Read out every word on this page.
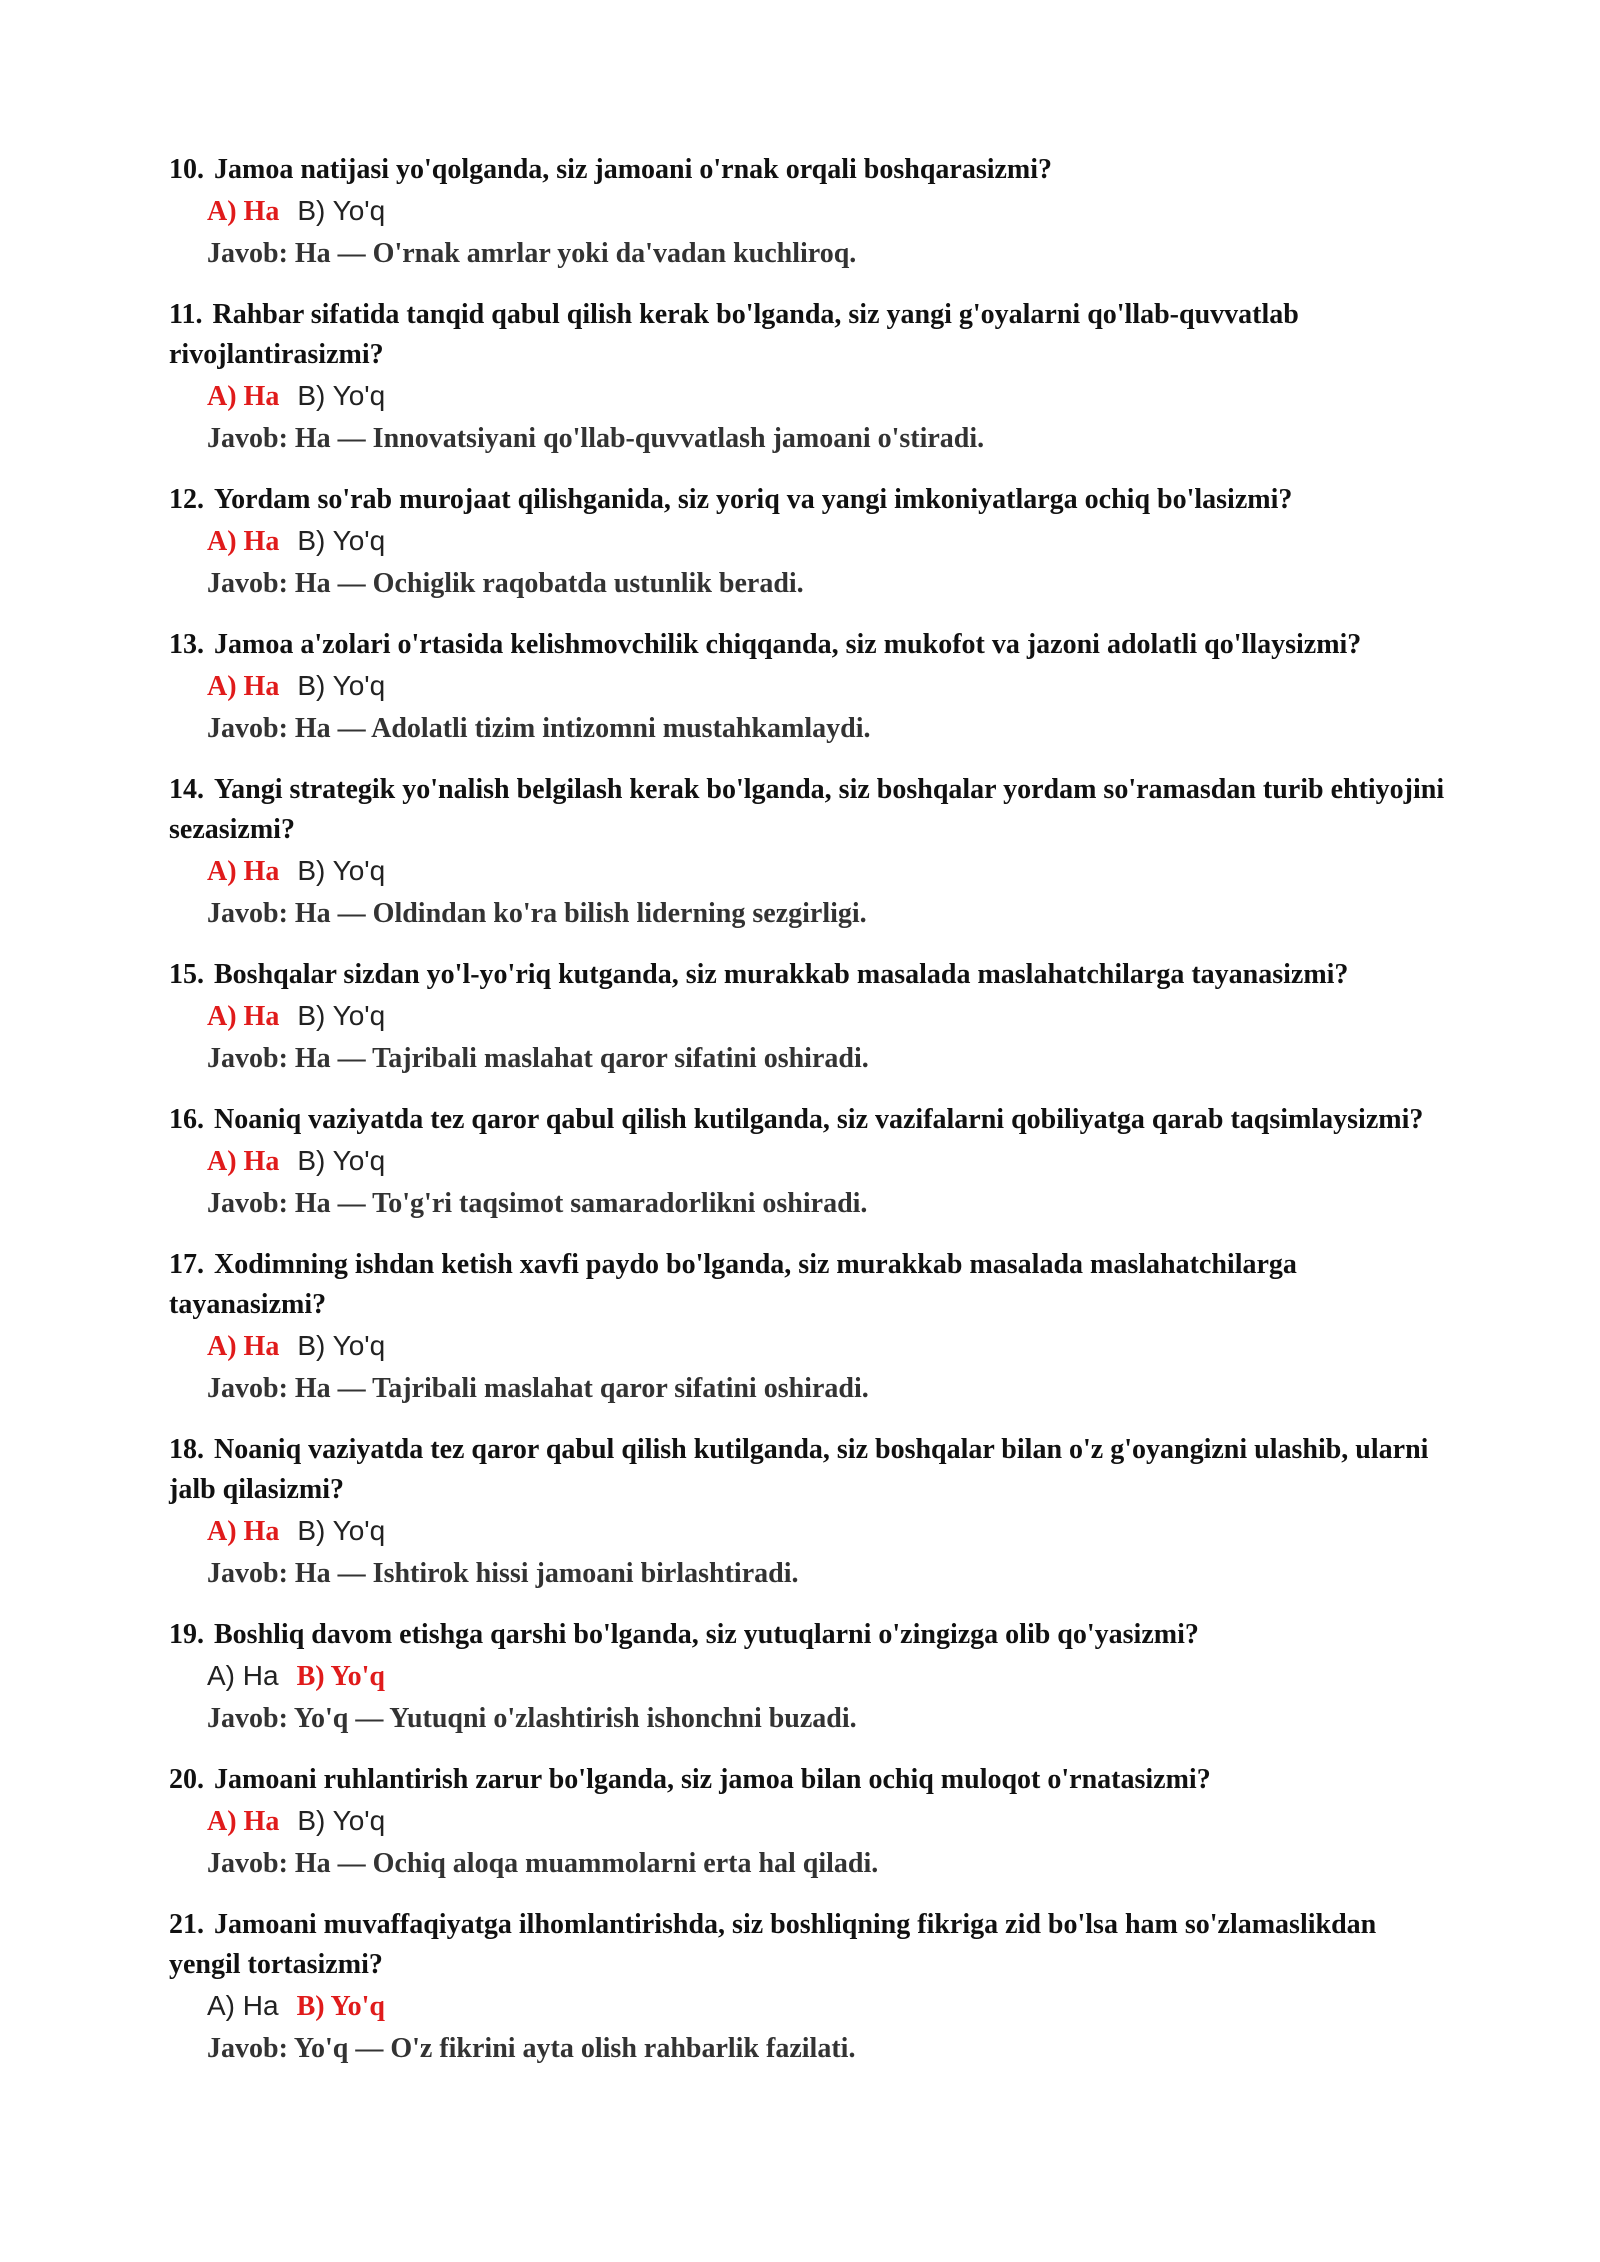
10. Jamoa natijasi yo'qolganda, siz jamoani o'rnak orqali boshqarasizmi?
A) Ha B) Yo'q
Javob: Ha — O'rnak amrlar yoki da'vadan kuchliroq.
11. Rahbar sifatida tanqid qabul qilish kerak bo'lganda, siz yangi g'oyalarni qo'llab-quvvatlab rivojlantirasizmi?
A) Ha B) Yo'q
Javob: Ha — Innovatsiyani qo'llab-quvvatlash jamoani o'stiradi.
12. Yordam so'rab murojaat qilishganida, siz yoriq va yangi imkoniyatlarga ochiq bo'lasizmi?
A) Ha B) Yo'q
Javob: Ha — Ochiglik raqobatda ustunlik beradi.
13. Jamoa a'zolari o'rtasida kelishmovchilik chiqqanda, siz mukofot va jazoni adolatli qo'llaysizmi?
A) Ha B) Yo'q
Javob: Ha — Adolatli tizim intizomni mustahkamlaydi.
14. Yangi strategik yo'nalish belgilash kerak bo'lganda, siz boshqalar yordam so'ramasdan turib ehtiyojini sezasizmi?
A) Ha B) Yo'q
Javob: Ha — Oldindan ko'ra bilish liderning sezgirligi.
15. Boshqalar sizdan yo'l-yo'riq kutganda, siz murakkab masalada maslahatchilarga tayanasizmi?
A) Ha B) Yo'q
Javob: Ha — Tajribali maslahat qaror sifatini oshiradi.
16. Noaniq vaziyatda tez qaror qabul qilish kutilganda, siz vazifalarni qobiliyatga qarab taqsimlaysizmi?
A) Ha B) Yo'q
Javob: Ha — To'g'ri taqsimot samaradorlikni oshiradi.
17. Xodimning ishdan ketish xavfi paydo bo'lganda, siz murakkab masalada maslahatchilarga tayanasizmi?
A) Ha B) Yo'q
Javob: Ha — Tajribali maslahat qaror sifatini oshiradi.
18. Noaniq vaziyatda tez qaror qabul qilish kutilganda, siz boshqalar bilan o'z g'oyangizni ulashib, ularni jalb qilasizmi?
A) Ha B) Yo'q
Javob: Ha — Ishtirok hissi jamoani birlashtiradi.
19. Boshliq davom etishga qarshi bo'lganda, siz yutuqlarni o'zingizga olib qo'yasizmi?
A) Ha B) Yo'q
Javob: Yo'q — Yutuqni o'zlashtirish ishonchni buzadi.
20. Jamoani ruhlantirish zarur bo'lganda, siz jamoa bilan ochiq muloqot o'rnatasizmi?
A) Ha B) Yo'q
Javob: Ha — Ochiq aloqa muammolarni erta hal qiladi.
21. Jamoani muvaffaqiyatga ilhomlantirishda, siz boshliqning fikriga zid bo'lsa ham so'zlamaslikdan yengil tortasizmi?
A) Ha B) Yo'q
Javob: Yo'q — O'z fikrini ayta olish rahbarlik fazilati.
